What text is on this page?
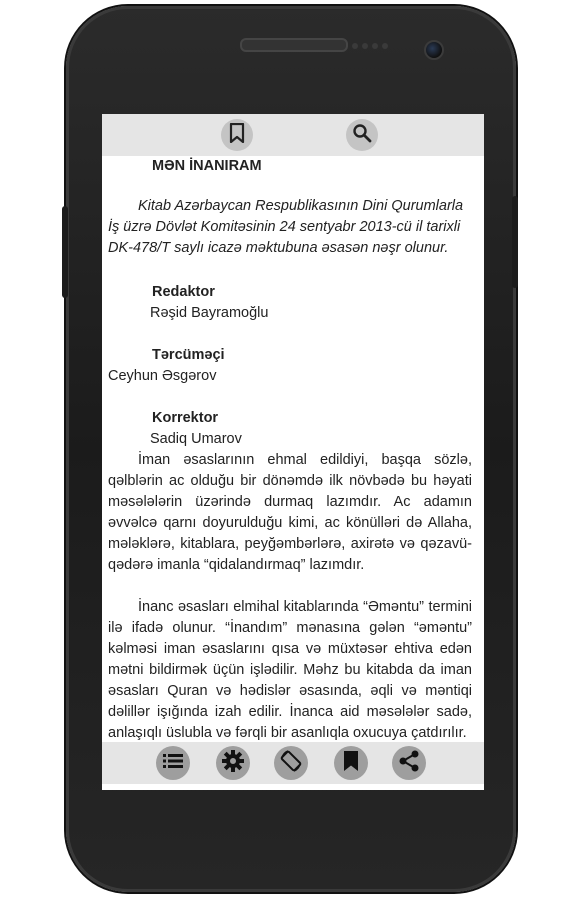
MƏN İNANIRAM

Kitab Azərbaycan Respublikasının Dini Qurumlarla İş üzrə Dövlət Komitəsinin 24 sentyabr 2013-cü il tarixli DK-478/T saylı icazə məktubuna əsasən nəşr olunur.

Redaktor

Rəşid Bayramoğlu

Tərcüməçi

Ceyhun Əsgərov

Korrektor

Sadiq Umarov

İman əsaslarının ehmal edildiyi, başqa sözlə, qəlblərin ac olduğu bir dönəmdə ilk növbədə bu həyati məsələlərin üzərində durmaq lazımdır. Ac adamın əvvəlcə qarnı doyurulduğu kimi, ac könülləri də Allaha, mələklərə, kitablara, peyğəmbərlərə, axirətə və qəzavü-qədərə imanla “qidalandırmaq” lazımdır.

İnanc əsasları elmihal kitablarında “Əməntu” termini ilə ifadə olunur. “İnandım” mənasına gələn “əməntu” kəlməsi iman əsaslarını qısa və müxtəsər ehtiva edən mətni bildirmək üçün işlədilir. Məhz bu kitabda da iman əsasları Quran və hədislər əsasında, əqli və məntiqi dəlillər işığında izah edilir. İnanca aid məsələlər sadə, anlaşıqlı üslubla və fərqli bir asanlıqla oxucuya çatdırılır.
